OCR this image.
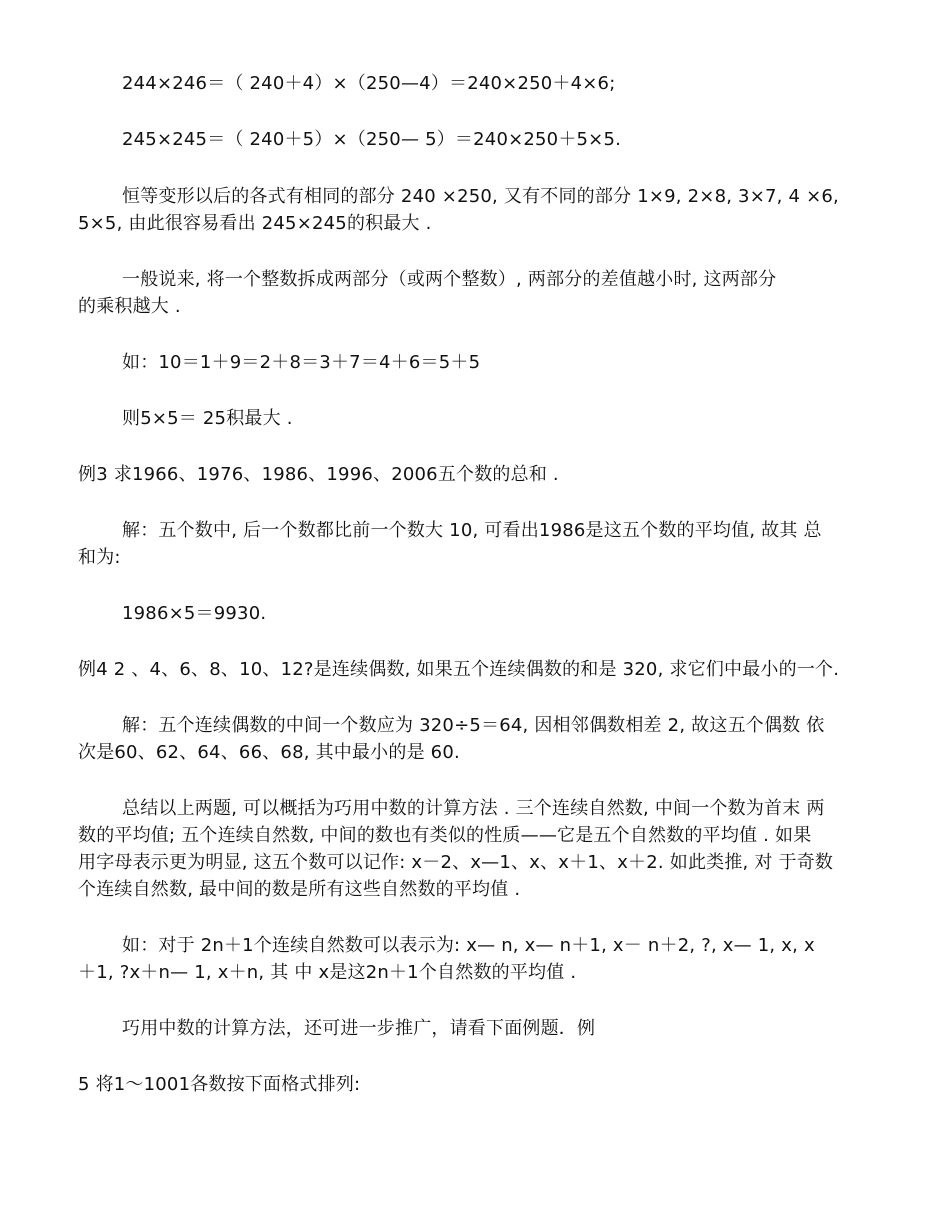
244×246＝（ 240＋4）×（250—4）＝240×250＋4×6;
245×245＝（ 240＋5）×（250— 5）＝240×250＋5×5.
恒等变形以后的各式有相同的部分 240 ×250, 又有不同的部分 1×9, 2×8, 3×7, 4 ×6,
5×5, 由此很容易看出 245×245的积最大 .
一般说来, 将一个整数拆成两部分（或两个整数）, 两部分的差值越小时, 这两部分
的乘积越大 .
如：10＝1＋9＝2＋8＝3＋7＝4＋6＝5＋5
则5×5＝ 25积最大 .
例3 求1966、1976、1986、1996、2006五个数的总和 .
解：五个数中, 后一个数都比前一个数大 10, 可看出1986是这五个数的平均值, 故其 总
和为:
1986×5＝9930.
例4 2 、4、6、8、10、12?是连续偶数, 如果五个连续偶数的和是 320, 求它们中最小的一个.
解：五个连续偶数的中间一个数应为 320÷5＝64, 因相邻偶数相差 2, 故这五个偶数 依
次是60、62、64、66、68, 其中最小的是 60.
总结以上两题, 可以概括为巧用中数的计算方法 . 三个连续自然数, 中间一个数为首末 两
数的平均值; 五个连续自然数, 中间的数也有类似的性质——它是五个自然数的平均值 . 如果
用字母表示更为明显, 这五个数可以记作: x－2、x—1、x、x＋1、x＋2. 如此类推, 对 于奇数
个连续自然数, 最中间的数是所有这些自然数的平均值 .
如：对于 2n＋1个连续自然数可以表示为: x— n, x— n＋1, x－ n＋2, ?, x— 1, x, x
＋1, ?x＋n— 1, x＋n, 其 中 x是这2n＋1个自然数的平均值 .
巧用中数的计算方法，还可进一步推广，请看下面例题．例
5 将1～1001各数按下面格式排列:
